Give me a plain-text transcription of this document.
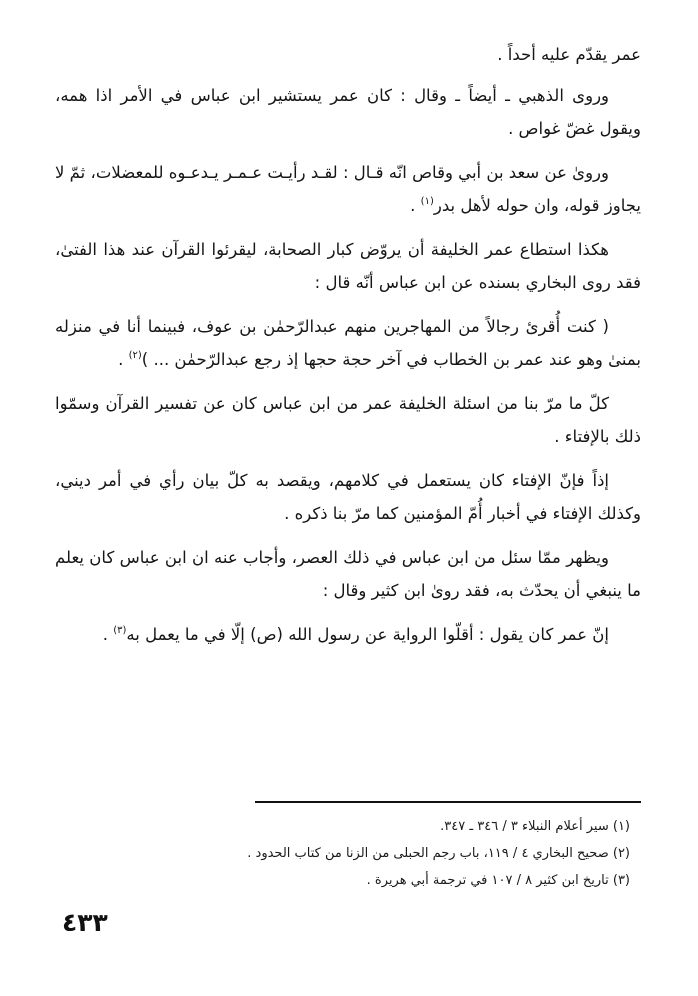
عمر يقدّم عليه أحداً .

وروى الذهبي ـ أيضاً ـ وقال : كان عمر يستشير ابن عباس في الأمر اذا همه، ويقول غضّ غواص .

وروىٰ عن سعد بن أبي وقاص انّه قـال : لقـد رأيـت عـمـر يـدعـوه للمعضلات، ثمّ لا يجاوز قوله، وان حوله لأهل بدر$^{(١)}$ .

هكذا استطاع عمر الخليفة أن يروّض كبار الصحابة، ليقرئوا القرآن عند هذا الفتىٰ، فقد روى البخاري بسنده عن ابن عباس أنّه قال :

( كنت أُقرئ رجالاً من المهاجرين منهم عبدالرّحمٰن بن عوف، فبينما أنا في منزله بمنىٰ وهو عند عمر بن الخطاب في آخر حجة حجها إذ رجع عبدالرّحمٰن ... )$^{(٢)}$ .

كلّ ما مرّ بنا من اسئلة الخليفة عمر من ابن عباس كان عن تفسير القرآن وسمّوا ذلك بالإفتاء .

إذاً فإنّ الإفتاء كان يستعمل في كلامهم، ويقصد به كلّ بيان رأي في أمر ديني، وكذلك الإفتاء في أخبار أُمّ المؤمنين كما مرّ بنا ذكره .

ويظهر ممّا سئل من ابن عباس في ذلك العصر، وأجاب عنه ان ابن عباس كان يعلم ما ينبغي أن يحدّث به، فقد روىٰ ابن كثير وقال :

إنّ عمر كان يقول : أقلّوا الرواية عن رسول الله (ص) إلّا في ما يعمل به$^{(٣)}$ .

(١) سير أعلام النبلاء ٣ / ٣٤٦ ـ ٣٤٧.

(٢) صحيح البخاري ٤ / ١١٩، باب رجم الحبلى من الزنا من كتاب الحدود .

(٣) تاريخ ابن كثير ٨ / ١٠٧ في ترجمة أبي هريرة .

٤٣٣
